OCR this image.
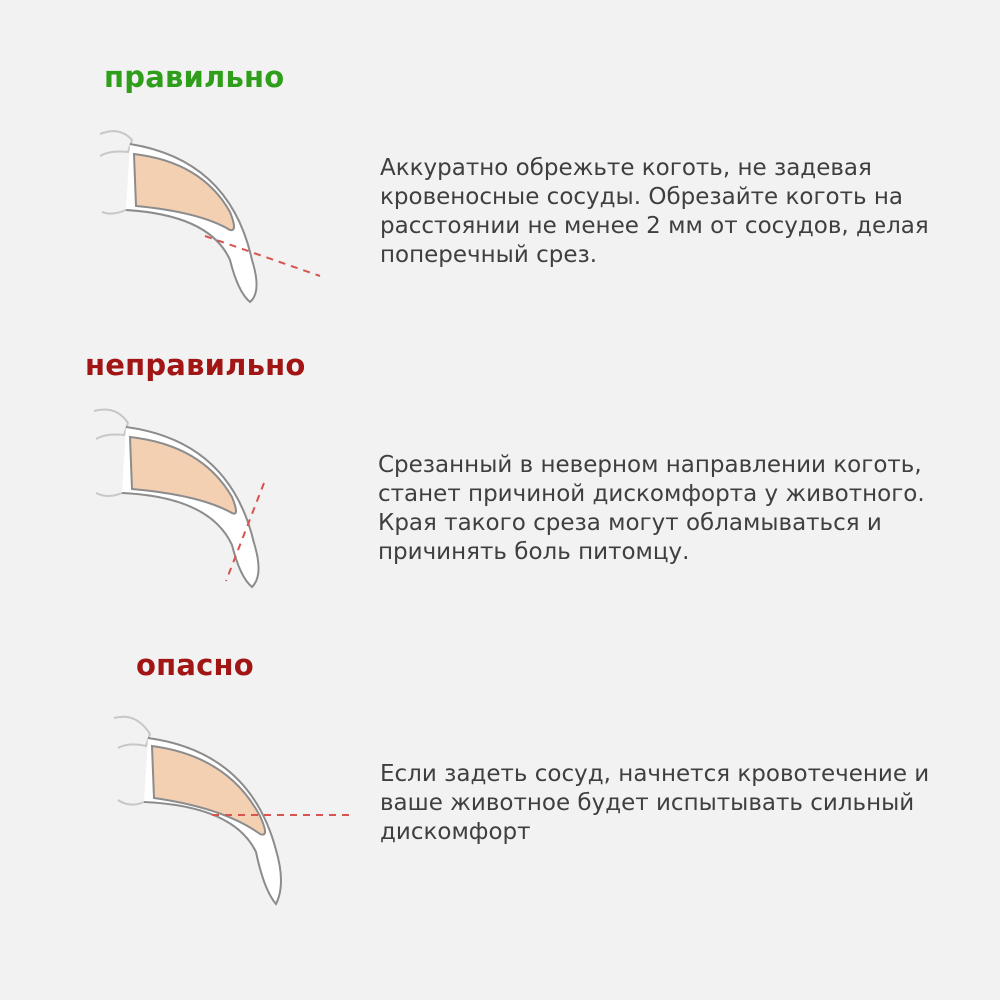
правильно
Аккуратно обрежьте коготь, не задевая
кровеносные сосуды. Обрезайте коготь на
расстоянии не менее 2 мм от сосудов, делая
поперечный срез.
неправильно
Срезанный в неверном направлении коготь,
станет причиной дискомфорта у животного.
Края такого среза могут обламываться и
причинять боль питомцу.
опасно
Если задеть сосуд, начнется кровотечение и
ваше животное будет испытывать сильный
дискомфорт
